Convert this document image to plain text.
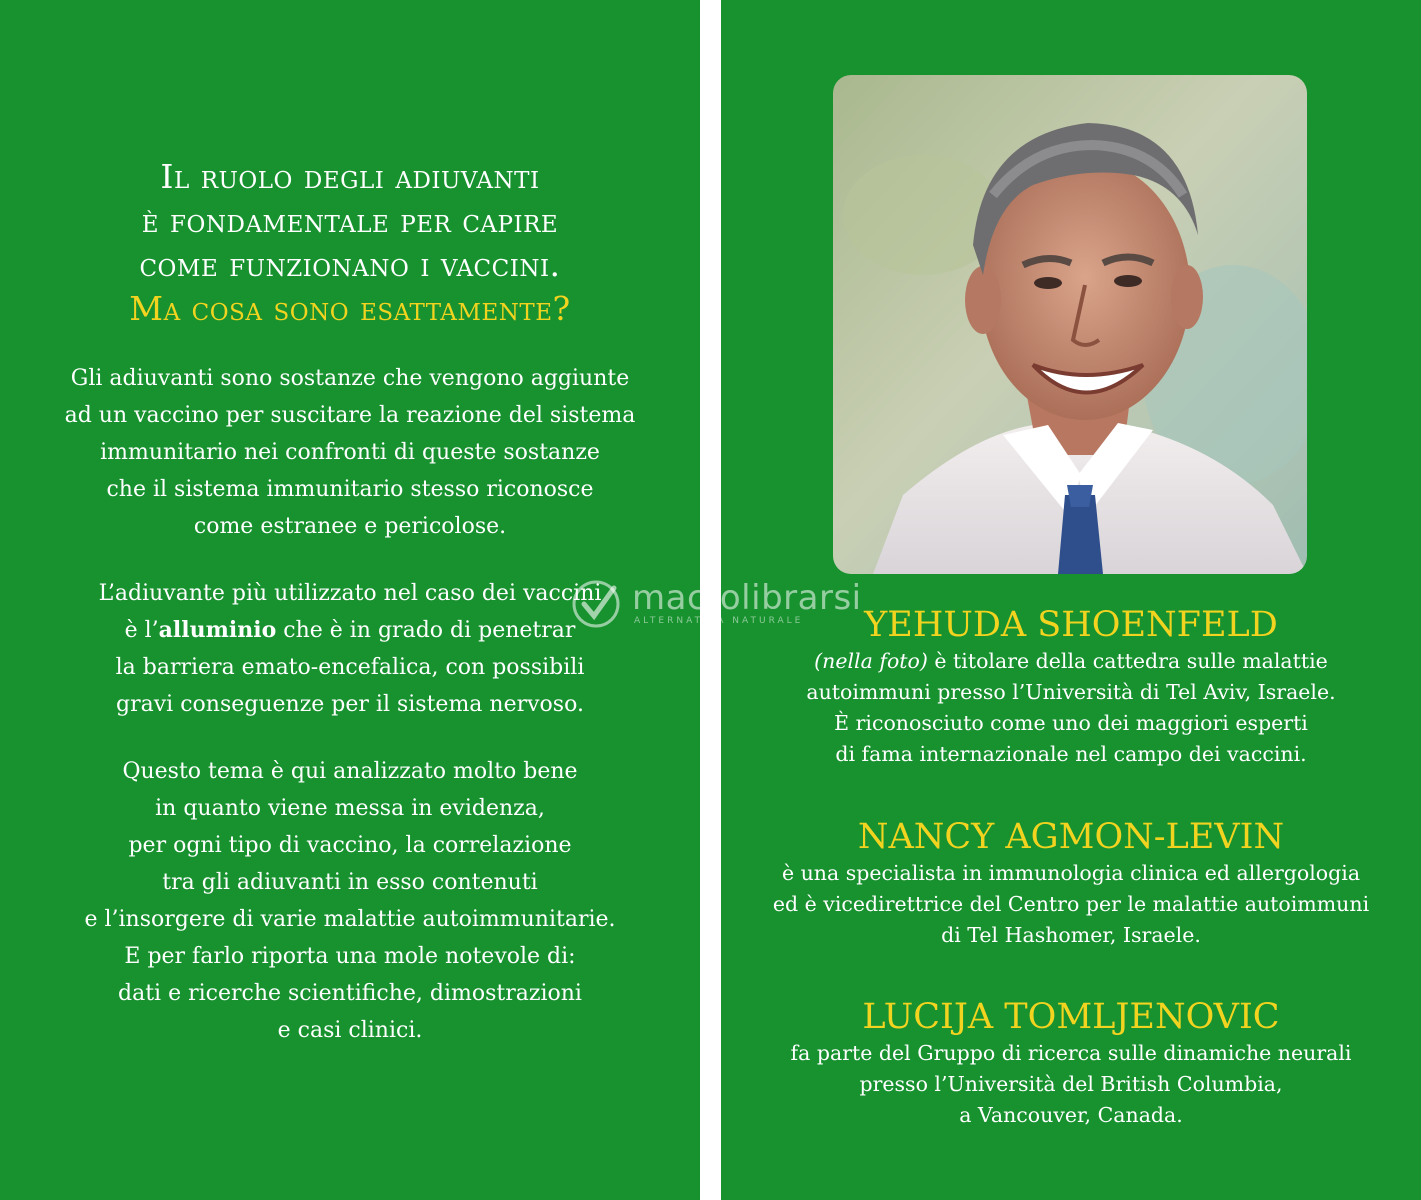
Il ruolo degli adiuvanti
è fondamentale per capire
come funzionano i vaccini.
Ma cosa sono esattamente?
Gli adiuvanti sono sostanze che vengono aggiunte
ad un vaccino per suscitare la reazione del sistema
immunitario nei confronti di queste sostanze
che il sistema immunitario stesso riconosce
come estranee e pericolose.
L’adiuvante più utilizzato nel caso dei vaccini
è l’alluminio che è in grado di penetrar
la barriera emato-encefalica, con possibili
gravi conseguenze per il sistema nervoso.
Questo tema è qui analizzato molto bene
in quanto viene messa in evidenza,
per ogni tipo di vaccino, la correlazione
tra gli adiuvanti in esso contenuti
e l’insorgere di varie malattie autoimmunitarie.
E per farlo riporta una mole notevole di:
dati e ricerche scientifiche, dimostrazioni
e casi clinici.
macrolibrarsi
ALTERNATIVA NATURALE	YEHUDA SHOENFELD
(nella foto) è titolare della cattedra sulle malattie
autoimmuni presso l’Università di Tel Aviv, Israele.
È riconosciuto come uno dei maggiori esperti
di fama internazionale nel campo dei vaccini.
NANCY AGMON-LEVIN
è una specialista in immunologia clinica ed allergologia
ed è vicedirettrice del Centro per le malattie autoimmuni
di Tel Hashomer, Israele.
LUCIJA TOMLJENOVIC
fa parte del Gruppo di ricerca sulle dinamiche neurali
presso l’Università del British Columbia,
a Vancouver, Canada.
